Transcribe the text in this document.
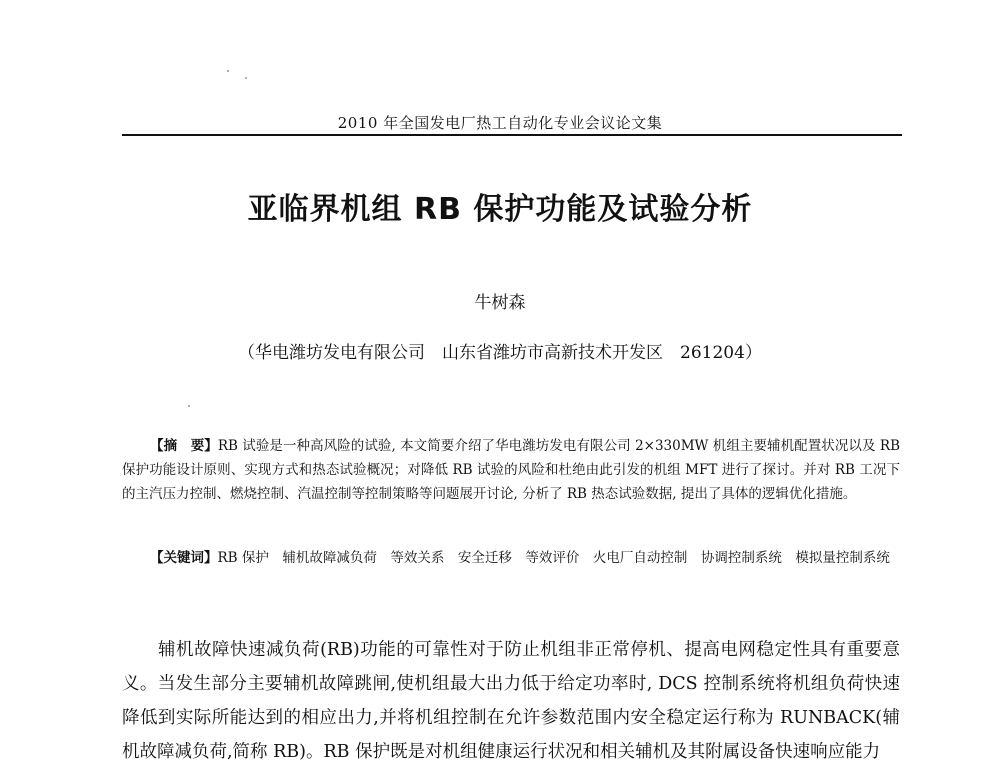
2010 年全国发电厂热工自动化专业会议论文集
亚临界机组 RB 保护功能及试验分析
牛树森
（华电潍坊发电有限公司　山东省潍坊市高新技术开发区　261204）

【摘　要】RB 试验是一种高风险的试验, 本文简要介绍了华电潍坊发电有限公司 2×330MW 机组主要辅机配置状况以及 RB 保护功能设计原则、实现方式和热态试验概况；对降低 RB 试验的风险和杜绝由此引发的机组 MFT 进行了探讨。并对 RB 工况下的主汽压力控制、燃烧控制、汽温控制等控制策略等问题展开讨论, 分析了 RB 热态试验数据, 提出了具体的逻辑优化措施。

【关键词】RB 保护　辅机故障减负荷　等效关系　安全迁移　等效评价　火电厂自动控制　协调控制系统　模拟量控制系统

辅机故障快速减负荷(RB)功能的可靠性对于防止机组非正常停机、提高电网稳定性具有重要意义。当发生部分主要辅机故障跳闸,使机组最大出力低于给定功率时, DCS 控制系统将机组负荷快速降低到实际所能达到的相应出力,并将机组控制在允许参数范围内安全稳定运行称为 RUNBACK(辅机故障减负荷,简称 RB)。RB 保护既是对机组健康运行状况和相关辅机及其附属设备快速响应能力
